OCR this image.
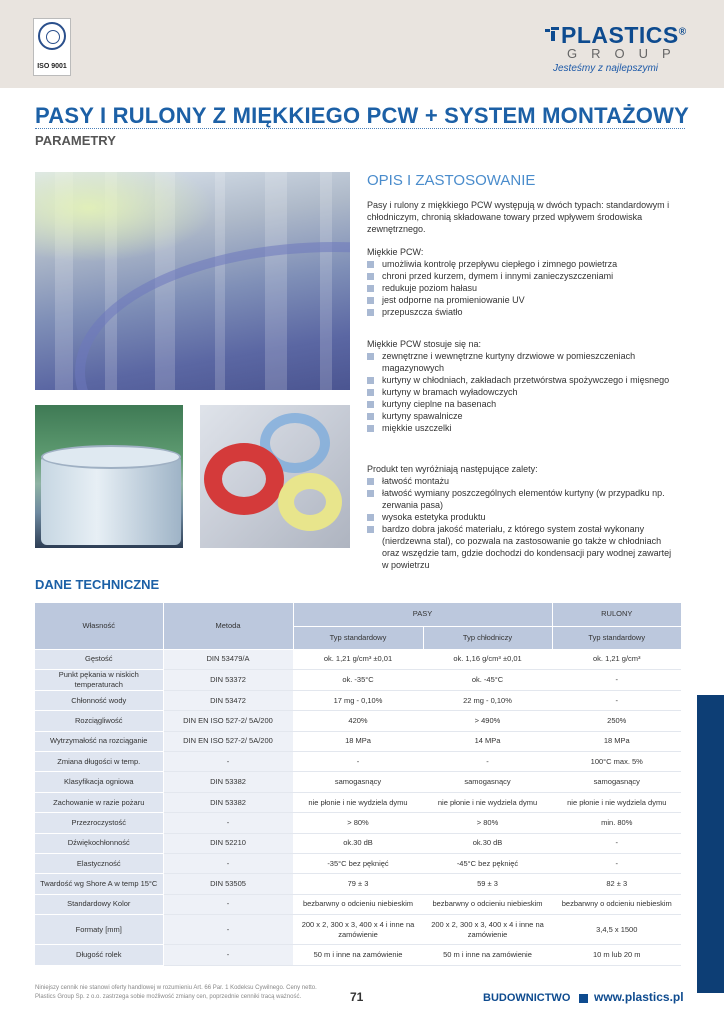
ISO 9001
PLASTICS®
GROUP
Jesteśmy z najlepszymi
PASY I RULONY Z MIĘKKIEGO PCW + SYSTEM MONTAŻOWY
PARAMETRY
OPIS I ZASTOSOWANIE
Pasy i rulony z miękkiego PCW występują w dwóch typach: standardowym i chłodniczym, chronią składowane towary przed wpływem środowiska zewnętrznego.
Miękkie PCW:
umożliwia kontrolę przepływu ciepłego i zimnego powietrza
chroni przed kurzem, dymem i innymi zanieczyszczeniami
redukuje poziom hałasu
jest odporne na promieniowanie UV
przepuszcza światło
Miękkie PCW stosuje się na:
zewnętrzne i wewnętrzne kurtyny drzwiowe w pomieszczeniach magazynowych
kurtyny w chłodniach, zakładach przetwórstwa spożywczego i mięsnego
kurtyny w bramach wyładowczych
kurtyny cieplne na basenach
kurtyny spawalnicze
miękkie uszczelki
Produkt ten wyróżniają następujące zalety:
łatwość montażu
łatwość wymiany poszczególnych elementów kurtyny (w przypadku np. zerwania pasa)
wysoka estetyka produktu
bardzo dobra jakość materiału, z którego system został wykonany (nierdzewna stal), co pozwala na zastosowanie go także w chłodniach oraz wszędzie tam, gdzie dochodzi do kondensacji pary wodnej zawartej w powietrzu
DANE TECHNICZNE
Własność	Metoda	PASY		RULONY
		Typ standardowy	Typ chłodniczy	Typ standardowy
Gęstość	DIN 53479/A	ok. 1,21 g/cm³ ±0,01	ok. 1,16 g/cm³ ±0,01	ok. 1,21 g/cm³
Punkt pękania w niskich temperaturach	DIN 53372	ok. -35°C	ok. -45°C	-
Chłonność wody	DIN 53472	17 mg - 0,10%	22 mg - 0,10%	-
Rozciągliwość	DIN EN ISO 527-2/ 5A/200	420%	> 490%	250%
Wytrzymałość na rozciąganie	DIN EN ISO 527-2/ 5A/200	18 MPa	14 MPa	18 MPa
Zmiana długości w temp.	-	-	-	100°C max. 5%
Klasyfikacja ogniowa	DIN 53382	samogasnący	samogasnący	samogasnący
Zachowanie w razie pożaru	DIN 53382	nie płonie i nie wydziela dymu	nie płonie i nie wydziela dymu	nie płonie i nie wydziela dymu
Przezroczystość	-	> 80%	> 80%	min. 80%
Dźwiękochłonność	DIN 52210	ok.30 dB	ok.30 dB	-
Elastyczność	-	-35°C bez pęknięć	-45°C bez pęknięć	-
Twardość wg Shore A w temp 15°C	DIN 53505	79 ± 3	59 ± 3	82 ± 3
Standardowy Kolor	-	bezbarwny o odcieniu niebieskim	bezbarwny o odcieniu niebieskim	bezbarwny o odcieniu niebieskim
Formaty [mm]	-	200 x 2, 300 x 3, 400 x 4 i inne na zamówienie	200 x 2, 300 x 3, 400 x 4 i inne na zamówienie	3,4,5 x 1500
Długość rolek	-	50 m i inne na zamówienie	50 m i inne na zamówienie	10 m lub 20 m
Niniejszy cennik nie stanowi oferty handlowej w rozumieniu Art. 66 Par. 1 Kodeksu Cywilnego. Ceny netto.
Plastics Group Sp. z o.o. zastrzega sobie możliwość zmiany cen, poprzednie cenniki tracą ważność.	71	BUDOWNICTWO www.plastics.pl
